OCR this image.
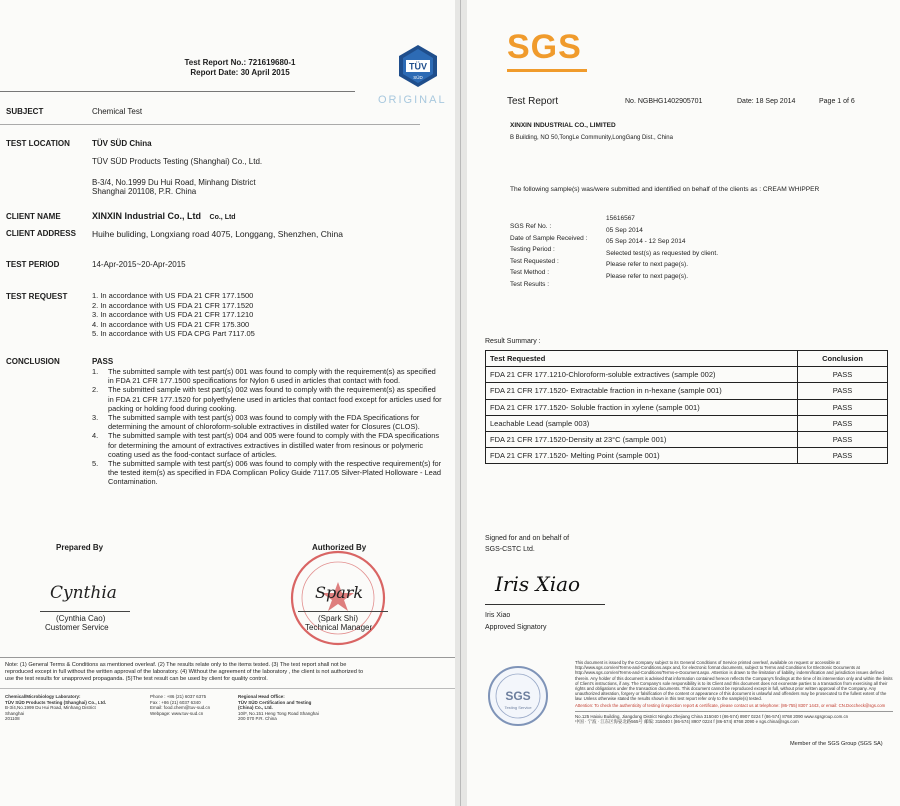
Test Report No.: 721619680-1
Report Date: 30 April 2015
TÜV
SÜD
ORIGINAL
SUBJECT	Chemical Test
TEST LOCATION	TÜV SÜD China
TÜV SÜD Products Testing (Shanghai) Co., Ltd.
B-3/4, No.1999 Du Hui Road, Minhang District
Shanghai 201108, P.R. China
CLIENT NAME	XINXIN Industrial Co., Ltd Co., Ltd
CLIENT ADDRESS Huihe buliding, Longxiang road 4075, Longgang, Shenzhen, China
TEST PERIOD	14-Apr-2015~20-Apr-2015
TEST REQUEST	1. In accordance with US FDA 21 CFR 177.1500
2. In accordance with US FDA 21 CFR 177.1520
3. In accordance with US FDA 21 CFR 177.1210
4. In accordance with US FDA 21 CFR 175.300
5. In accordance with US FDA CPG Part 7117.05
CONCLUSION	PASS
1. The submitted sample with test part(s) 001 was found to comply with the requirement(s) as specified in FDA 21 CFR 177.1500 specifications for Nylon 6 used in articles that contact with food.
2. The submitted sample with test part(s) 002 was found to comply with the requirement(s) as specified in FDA 21 CFR 177.1520 for polyethylene used in articles that contact food except for articles used for packing or holding food during cooking.
3. The submitted sample with test part(s) 003 was found to comply with the FDA Specifications for determining the amount of chloroform-soluble extractives in distilled water for Closures (CLOS).
4. The submitted sample with test part(s) 004 and 005 were found to comply with the FDA specifications for determining the amount of extractives extractives in distilled water from resinous or polymeric coating used as the food-contact surface of articles.
5. The submitted sample with test part(s) 006 was found to comply with the respective requirement(s) for the tested item(s) as specified in FDA Complican Policy Guide 7117.05 Silver-Plated Holloware - Lead Contamination.
Prepared By	Authorized By
Cynthia	Spark
(Cynthia Cao)
Customer Service
(Spark Shi)
Technical Manager
Note: (1) General Terms & Conditions as mentioned overleaf. (2) The results relate only to the items tested. (3) The test report shall not be
reproduced except in full without the written approval of the laboratory. (4) Without the agreement of the laboratory , the client is not authorized to
use the test results for unapproved propaganda. (5)The test result can be used by client for quality control.
Chemical/Microbiology Laboratory:
TÜV SÜD Products Testing (Shanghai) Co., Ltd.
B-3/4,No.1999 Du Hui Road, Minhang District
Shanghai
201108
Phone : +86 (21) 6037 6375
Fax : +86 (21) 6037 6340
Email: food.chem@tuv-sud.cn
Webpage: www.tuv-sud.cn
Regional Head Office:
TÜV SÜD Certification and Testing
(China) Co., Ltd.
10/F, No.151 Heng Tong Road Shanghai
200 070 P.R. China
SGS
Test Report	No. NGBHG1402905701	Date: 18 Sep 2014	Page 1 of 6
XINXIN INDUSTRIAL CO., LIMITED
B Building, NO 50,TongLe Community,LongGang Dist., China
The following sample(s) was/were submitted and identified on behalf of the clients as : CREAM WHIPPER
SGS Ref No. :
15616567
Date of Sample Received :
05 Sep 2014
Testing Period :
05 Sep 2014 - 12 Sep 2014
Test Requested :
Selected test(s) as requested by client.
Test Method :
Please refer to next page(s).
Test Results :
Please refer to next page(s).
Result Summary :
Test Requested	Conclusion
FDA 21 CFR 177.1210-Chloroform-soluble extractives (sample 002)	PASS
FDA 21 CFR 177.1520- Extractable fraction in n-hexane (sample 001)	PASS
FDA 21 CFR 177.1520- Soluble fraction in xylene (sample 001)	PASS
Leachable Lead (sample 003)	PASS
FDA 21 CFR 177.1520-Density at 23°C (sample 001)	PASS
FDA 21 CFR 177.1520- Melting Point (sample 001)	PASS
Signed for and on behalf of
SGS-CSTC Ltd.
Iris Xiao
Iris Xiao
Approved Signatory
SGS
Testing Service
This document is issued by the Company subject to its General Conditions of Service printed overleaf, available on request or accessible at http://www.sgs.com/en/Terms-and-Conditions.aspx and, for electronic format documents, subject to Terms and Conditions for Electronic Documents at http://www.sgs.com/en/Terms-and-Conditions/Terms-e-Document.aspx. Attention is drawn to the limitation of liability, indemnification and jurisdiction issues defined therein. Any holder of this document is advised that information contained hereon reflects the Company's findings at the time of its intervention only and within the limits of Client's instructions, if any. The Company's sole responsibility is to its Client and this document does not exonerate parties to a transaction from exercising all their rights and obligations under the transaction documents. This document cannot be reproduced except in full, without prior written approval of the Company. Any unauthorized alteration, forgery or falsification of the content or appearance of this document is unlawful and offenders may be prosecuted to the fullest extent of the law. Unless otherwise stated the results shown in this test report refer only to the sample(s) tested.
Attention: To check the authenticity of testing /inspection report & certificate, please contact us at telephone: (86-755) 8307 1443, or email: CN.Doccheck@sgs.com
No.125 Haixiu Building, Jiangdong District Ningbo Zhejiang China 315040 t (86-574) 8907 0224 f (86-574) 8768 2090 www.sgsgroup.com.cn
中国 · 宁波 · 江东区海晏北路565号 邮编: 315040 t (86-574) 8907 0224 f (86-574) 8768 2090 e sgs.china@sgs.com
Member of the SGS Group (SGS SA)
